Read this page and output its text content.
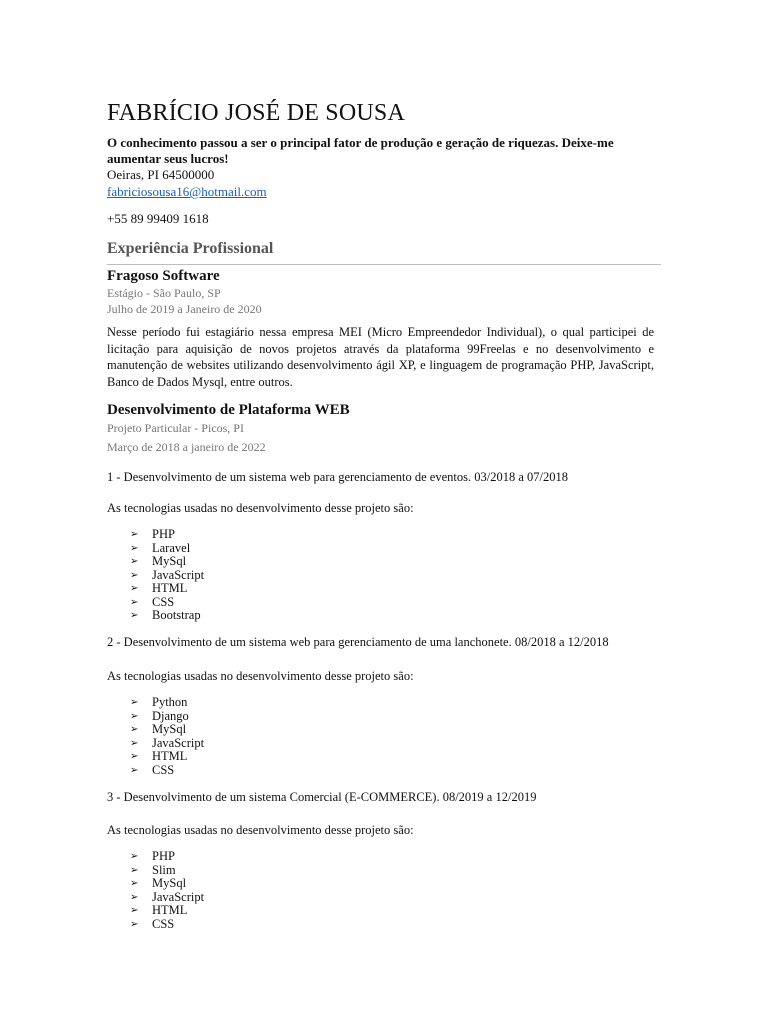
FABRÍCIO JOSÉ DE SOUSA

O conhecimento passou a ser o principal fator de produção e geração de riquezas. Deixe-me aumentar seus lucros!

Oeiras, PI 64500000

fabriciosousa16@hotmail.com

+55 89 99409 1618

Experiência Profissional

Fragoso Software

Estágio - São Paulo, SP

Julho de 2019 a Janeiro de 2020

Nesse período fui estagiário nessa empresa MEI (Micro Empreendedor Individual), o qual participei de licitação para aquisição de novos projetos através da plataforma 99Freelas e no desenvolvimento e manutenção de websites utilizando desenvolvimento ágil XP, e linguagem de programação PHP, JavaScript, Banco de Dados Mysql, entre outros.

Desenvolvimento de Plataforma WEB

Projeto Particular - Picos, PI

Março de 2018 a janeiro de 2022

1 - Desenvolvimento de um sistema web para gerenciamento de eventos. 03/2018 a 07/2018

As tecnologias usadas no desenvolvimento desse projeto são:

➢	PHP
➢	Laravel
➢	MySql
➢	JavaScript
➢	HTML
➢	CSS
➢	Bootstrap

2 - Desenvolvimento de um sistema web para gerenciamento de uma lanchonete. 08/2018 a 12/2018

As tecnologias usadas no desenvolvimento desse projeto são:

➢	Python
➢	Django
➢	MySql
➢	JavaScript
➢	HTML
➢	CSS

3 - Desenvolvimento de um sistema Comercial (E-COMMERCE). 08/2019 a 12/2019

As tecnologias usadas no desenvolvimento desse projeto são:

➢	PHP
➢	Slim
➢	MySql
➢	JavaScript
➢	HTML
➢	CSS
